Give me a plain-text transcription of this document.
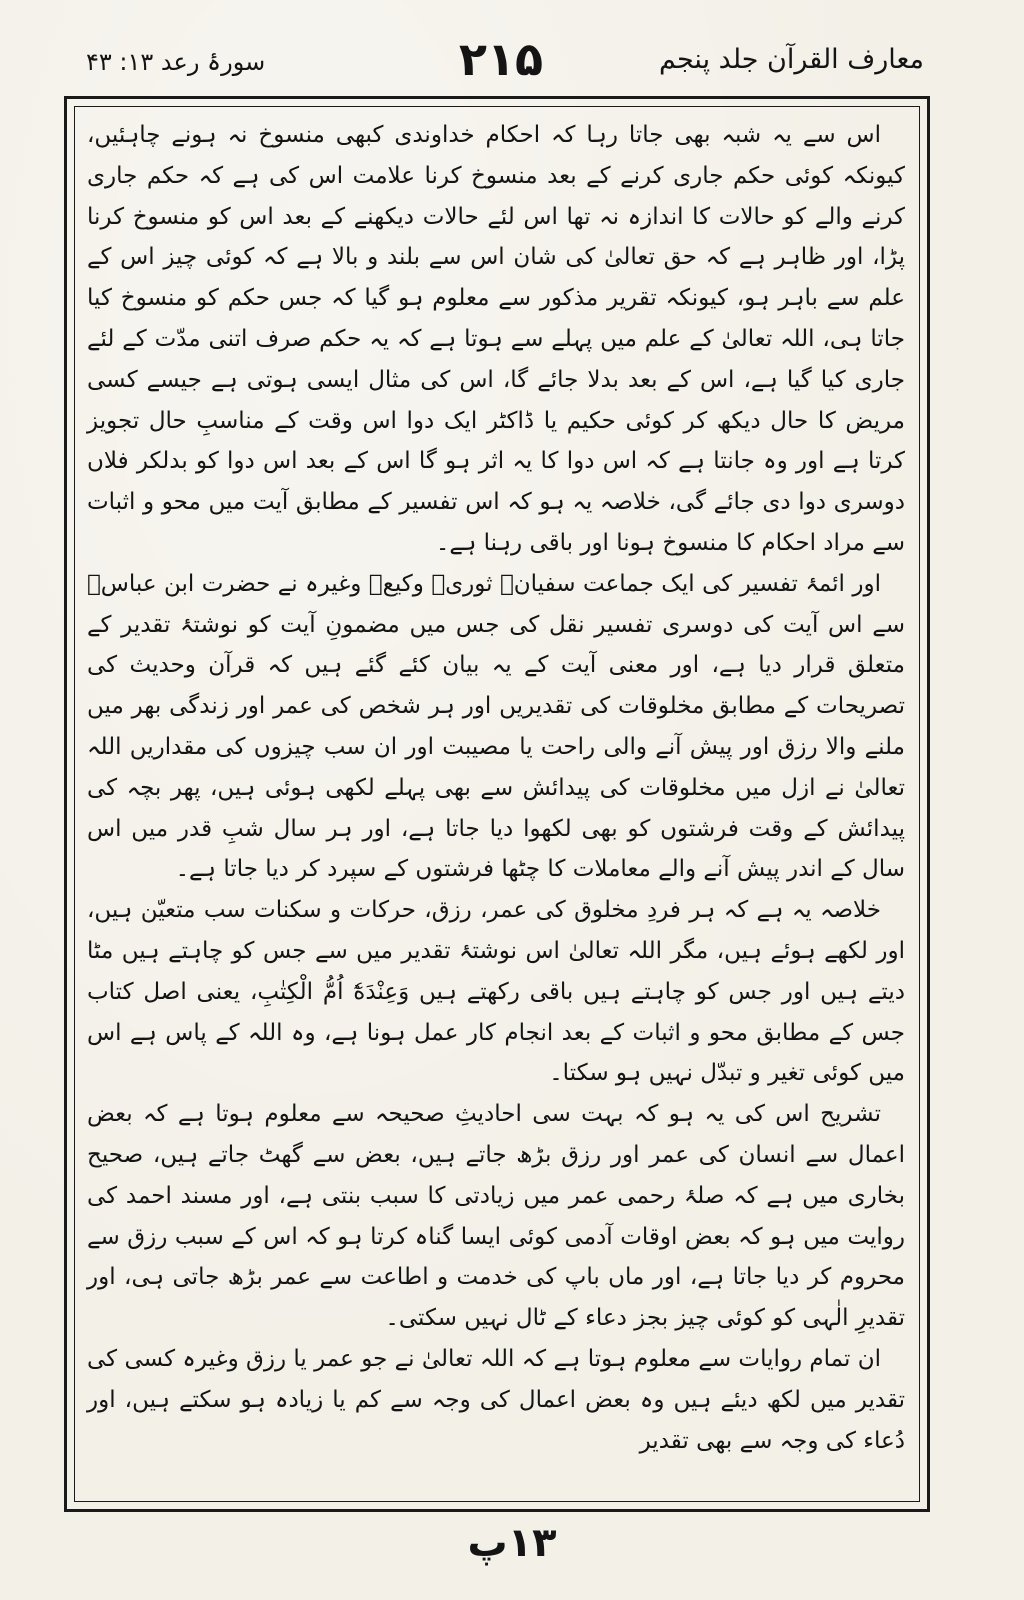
معارف القرآن جلد پنجم
۲۱۵
سورۂ رعد ۱۳: ۴۳

اس سے یہ شبہ بھی جاتا رہا کہ احکام خداوندی کبھی منسوخ نہ ہونے چاہئیں، کیونکہ کوئی حکم جاری کرنے کے بعد منسوخ کرنا علامت اس کی ہے کہ حکم جاری کرنے والے کو حالات کا اندازہ نہ تھا اس لئے حالات دیکھنے کے بعد اس کو منسوخ کرنا پڑا، اور ظاہر ہے کہ حق تعالیٰ کی شان اس سے بلند و بالا ہے کہ کوئی چیز اس کے علم سے باہر ہو، کیونکہ تقریر مذکور سے معلوم ہو گیا کہ جس حکم کو منسوخ کیا جاتا ہی، اللہ تعالیٰ کے علم میں پہلے سے ہوتا ہے کہ یہ حکم صرف اتنی مدّت کے لئے جاری کیا گیا ہے، اس کے بعد بدلا جائے گا، اس کی مثال ایسی ہوتی ہے جیسے کسی مریض کا حال دیکھ کر کوئی حکیم یا ڈاکٹر ایک دوا اس وقت کے مناسبِ حال تجویز کرتا ہے اور وہ جانتا ہے کہ اس دوا کا یہ اثر ہو گا اس کے بعد اس دوا کو بدلکر فلاں دوسری دوا دی جائے گی، خلاصہ یہ ہو کہ اس تفسیر کے مطابق آیت میں محو و اثبات سے مراد احکام کا منسوخ ہونا اور باقی رہنا ہے۔

اور ائمۂ تفسیر کی ایک جماعت سفیانؒ ثوریؒ وکیعؒ وغیرہ نے حضرت ابن عباسؓ سے اس آیت کی دوسری تفسیر نقل کی جس میں مضمونِ آیت کو نوشتۂ تقدیر کے متعلق قرار دیا ہے، اور معنی آیت کے یہ بیان کئے گئے ہیں کہ قرآن وحدیث کی تصریحات کے مطابق مخلوقات کی تقدیریں اور ہر شخص کی عمر اور زندگی بھر میں ملنے والا رزق اور پیش آنے والی راحت یا مصیبت اور ان سب چیزوں کی مقداریں اللہ تعالیٰ نے ازل میں مخلوقات کی پیدائش سے بھی پہلے لکھی ہوئی ہیں، پھر بچہ کی پیدائش کے وقت فرشتوں کو بھی لکھوا دیا جاتا ہے، اور ہر سال شبِ قدر میں اس سال کے اندر پیش آنے والے معاملات کا چٹھا فرشتوں کے سپرد کر دیا جاتا ہے۔

خلاصہ یہ ہے کہ ہر فردِ مخلوق کی عمر، رزق، حرکات و سکنات سب متعیّن ہیں، اور لکھے ہوئے ہیں، مگر اللہ تعالیٰ اس نوشتۂ تقدیر میں سے جس کو چاہتے ہیں مٹا دیتے ہیں اور جس کو چاہتے ہیں باقی رکھتے ہیں وَعِنْدَهٗٓ اُمُّ الْكِتٰبِ، یعنی اصل کتاب جس کے مطابق محو و اثبات کے بعد انجام کار عمل ہونا ہے، وہ اللہ کے پاس ہے اس میں کوئی تغیر و تبدّل نہیں ہو سکتا۔

تشریح اس کی یہ ہو کہ بہت سی احادیثِ صحیحہ سے معلوم ہوتا ہے کہ بعض اعمال سے انسان کی عمر اور رزق بڑھ جاتے ہیں، بعض سے گھٹ جاتے ہیں، صحیح بخاری میں ہے کہ صلۂ رحمی عمر میں زیادتی کا سبب بنتی ہے، اور مسند احمد کی روایت میں ہو کہ بعض اوقات آدمی کوئی ایسا گناہ کرتا ہو کہ اس کے سبب رزق سے محروم کر دیا جاتا ہے، اور ماں باپ کی خدمت و اطاعت سے عمر بڑھ جاتی ہی، اور تقدیرِ الٰہی کو کوئی چیز بجز دعاء کے ٹال نہیں سکتی۔

ان تمام روایات سے معلوم ہوتا ہے کہ اللہ تعالیٰ نے جو عمر یا رزق وغیرہ کسی کی تقدیر میں لکھ دیئے ہیں وہ بعض اعمال کی وجہ سے کم یا زیادہ ہو سکتے ہیں، اور دُعاء کی وجہ سے بھی تقدیر

۱۳پ
